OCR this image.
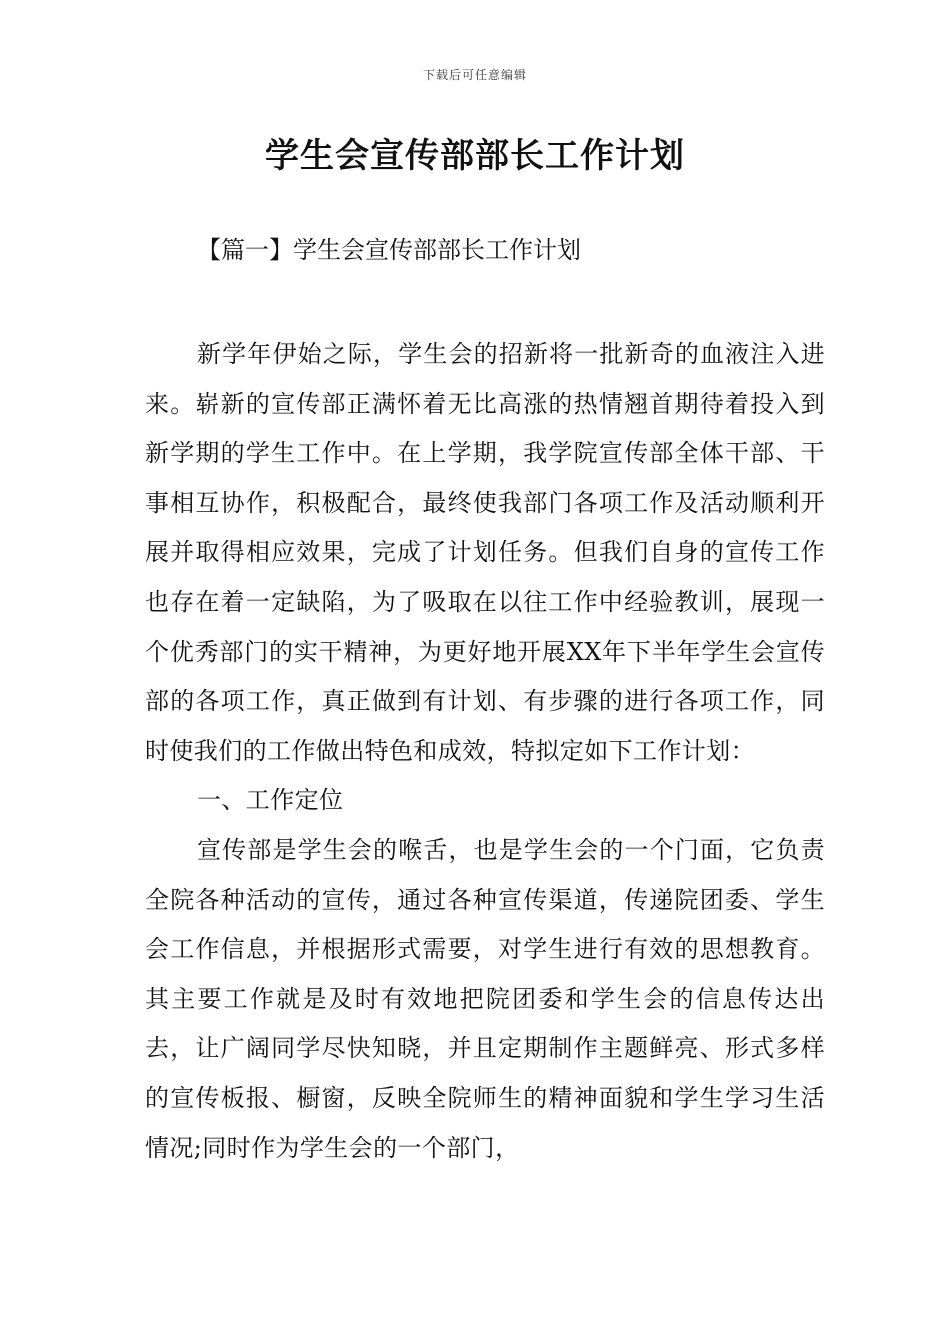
下载后可任意编辑
学生会宣传部部长工作计划
【篇一】学生会宣传部部长工作计划

新学年伊始之际，学生会的招新将一批新奇的血液注入进来。崭新的宣传部正满怀着无比高涨的热情翘首期待着投入到新学期的学生工作中。在上学期，我学院宣传部全体干部、干事相互协作，积极配合，最终使我部门各项工作及活动顺利开展并取得相应效果，完成了计划任务。但我们自身的宣传工作也存在着一定缺陷，为了吸取在以往工作中经验教训，展现一个优秀部门的实干精神，为更好地开展XX年下半年学生会宣传部的各项工作，真正做到有计划、有步骤的进行各项工作，同时使我们的工作做出特色和成效，特拟定如下工作计划：

一、工作定位

宣传部是学生会的喉舌，也是学生会的一个门面，它负责全院各种活动的宣传，通过各种宣传渠道，传递院团委、学生会工作信息，并根据形式需要，对学生进行有效的思想教育。其主要工作就是及时有效地把院团委和学生会的信息传达出去，让广阔同学尽快知晓，并且定期制作主题鲜亮、形式多样的宣传板报、橱窗，反映全院师生的精神面貌和学生学习生活情况;同时作为学生会的一个部门，
